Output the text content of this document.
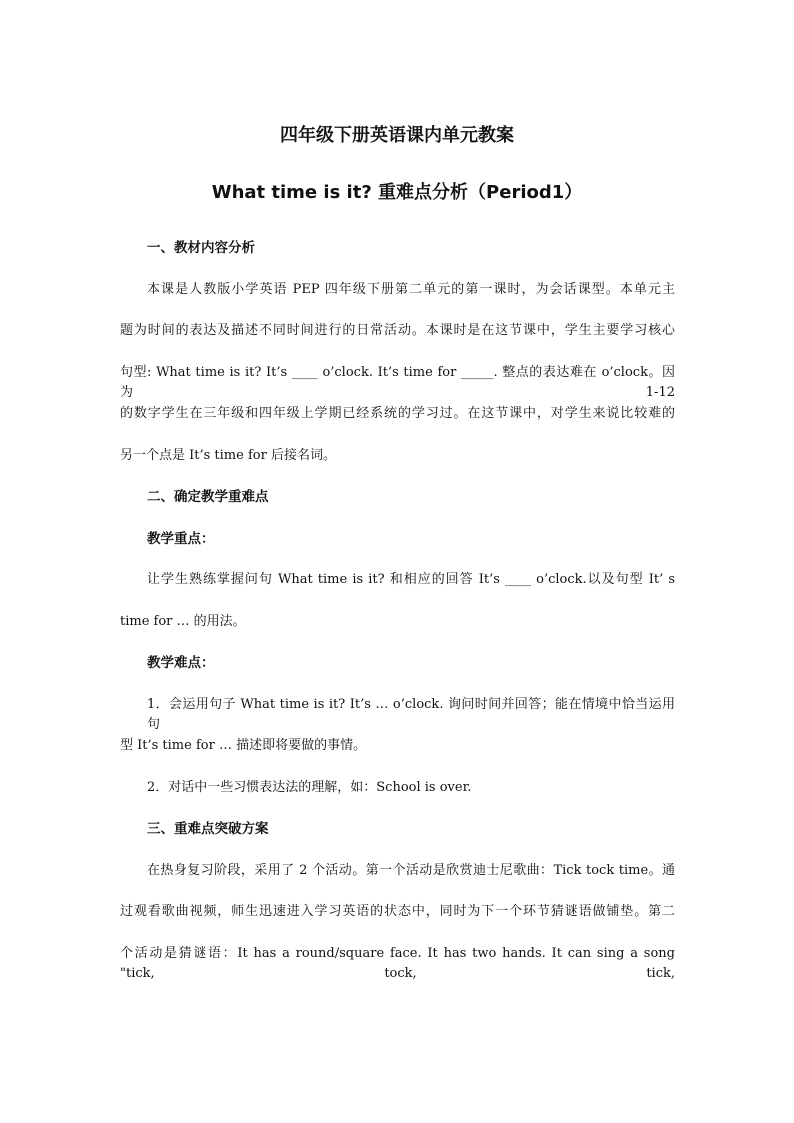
四年级下册英语课内单元教案
What time is it? 重难点分析（Period1）
一、教材内容分析
本课是人教版小学英语 PEP 四年级下册第二单元的第一课时，为会话课型。本单元主
题为时间的表达及描述不同时间进行的日常活动。本课时是在这节课中，学生主要学习核心
句型: What time is it? It’s ____ o’clock. It’s time for _____. 整点的表达难在 o’clock。因为 1-12
的数字学生在三年级和四年级上学期已经系统的学习过。在这节课中，对学生来说比较难的
另一个点是 It’s time for 后接名词。
二、确定教学重难点
教学重点：
让学生熟练掌握问句 What time is it? 和相应的回答 It’s ____ o’clock.以及句型 It’ s
time for … 的用法。
教学难点：
1．会运用句子 What time is it? It’s … o’clock. 询问时间并回答；能在情境中恰当运用句
型 It’s time for … 描述即将要做的事情。
2．对话中一些习惯表达法的理解，如：School is over.
三、重难点突破方案
在热身复习阶段，采用了 2 个活动。第一个活动是欣赏迪士尼歌曲：Tick tock time。通
过观看歌曲视频，师生迅速进入学习英语的状态中，同时为下一个环节猜谜语做铺垫。第二
个活动是猜谜语：It has a round/square face. It has two hands. It can sing a song "tick, tock, tick,
